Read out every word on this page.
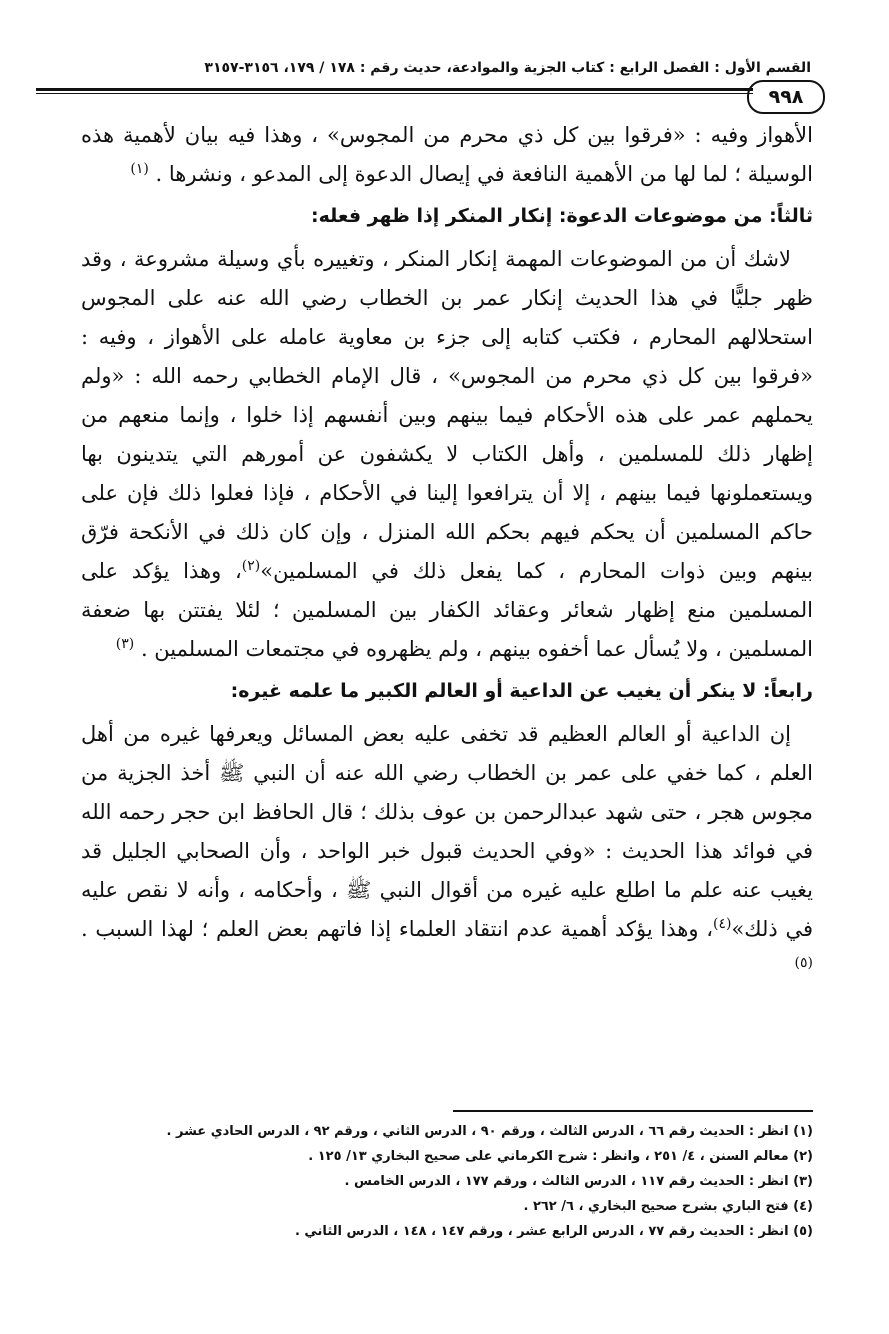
القسم الأول : الفصل الرابع : كتاب الجزية والموادعة، حديث رقم : ١٧٨ / ١٧٩، ٣١٥٦-٣١٥٧
٩٩٨

الأهواز وفيه : «فرقوا بين كل ذي محرم من المجوس» ، وهذا فيه بيان لأهمية هذه الوسيلة ؛ لما لها من الأهمية النافعة في إيصال الدعوة إلى المدعو ، ونشرها . $^{(١)}$

ثالثاً: من موضوعات الدعوة: إنكار المنكر إذا ظهر فعله:

لاشك أن من الموضوعات المهمة إنكار المنكر ، وتغييره بأي وسيلة مشروعة ، وقد ظهر جليًّا في هذا الحديث إنكار عمر بن الخطاب رضي الله عنه على المجوس استحلالهم المحارم ، فكتب كتابه إلى جزء بن معاوية عامله على الأهواز ، وفيه : «فرقوا بين كل ذي محرم من المجوس» ، قال الإمام الخطابي رحمه الله : «ولم يحملهم عمر على هذه الأحكام فيما بينهم وبين أنفسهم إذا خلوا ، وإنما منعهم من إظهار ذلك للمسلمين ، وأهل الكتاب لا يكشفون عن أمورهم التي يتدينون بها ويستعملونها فيما بينهم ، إلا أن يترافعوا إلينا في الأحكام ، فإذا فعلوا ذلك فإن على حاكم المسلمين أن يحكم فيهم بحكم الله المنزل ، وإن كان ذلك في الأنكحة فرّق بينهم وبين ذوات المحارم ، كما يفعل ذلك في المسلمين»$^{(٢)}$، وهذا يؤكد على المسلمين منع إظهار شعائر وعقائد الكفار بين المسلمين ؛ لئلا يفتتن بها ضعفة المسلمين ، ولا يُسأل عما أخفوه بينهم ، ولم يظهروه في مجتمعات المسلمين . $^{(٣)}$

رابعاً: لا ينكر أن يغيب عن الداعية أو العالم الكبير ما علمه غيره:

إن الداعية أو العالم العظيم قد تخفى عليه بعض المسائل ويعرفها غيره من أهل العلم ، كما خفي على عمر بن الخطاب رضي الله عنه أن النبي ﷺ أخذ الجزية من مجوس هجر ، حتى شهد عبدالرحمن بن عوف بذلك ؛ قال الحافظ ابن حجر رحمه الله في فوائد هذا الحديث : «وفي الحديث قبول خبر الواحد ، وأن الصحابي الجليل قد يغيب عنه علم ما اطلع عليه غيره من أقوال النبي ﷺ ، وأحكامه ، وأنه لا نقص عليه في ذلك»$^{(٤)}$، وهذا يؤكد أهمية عدم انتقاد العلماء إذا فاتهم بعض العلم ؛ لهذا السبب . $^{(٥)}$

(١) انظر : الحديث رقم ٦٦ ، الدرس الثالث ، ورقم ٩٠ ، الدرس الثاني ، ورقم ٩٢ ، الدرس الحادي عشر .

(٢) معالم السنن ، ٤/ ٢٥١ ، وانظر : شرح الكرماني على صحيح البخاري ١٣/ ١٢٥ .

(٣) انظر : الحديث رقم ١١٧ ، الدرس الثالث ، ورقم ١٧٧ ، الدرس الخامس .

(٤) فتح الباري بشرح صحيح البخاري ، ٦/ ٢٦٢ .

(٥) انظر : الحديث رقم ٧٧ ، الدرس الرابع عشر ، ورقم ١٤٧ ، ١٤٨ ، الدرس الثاني .
